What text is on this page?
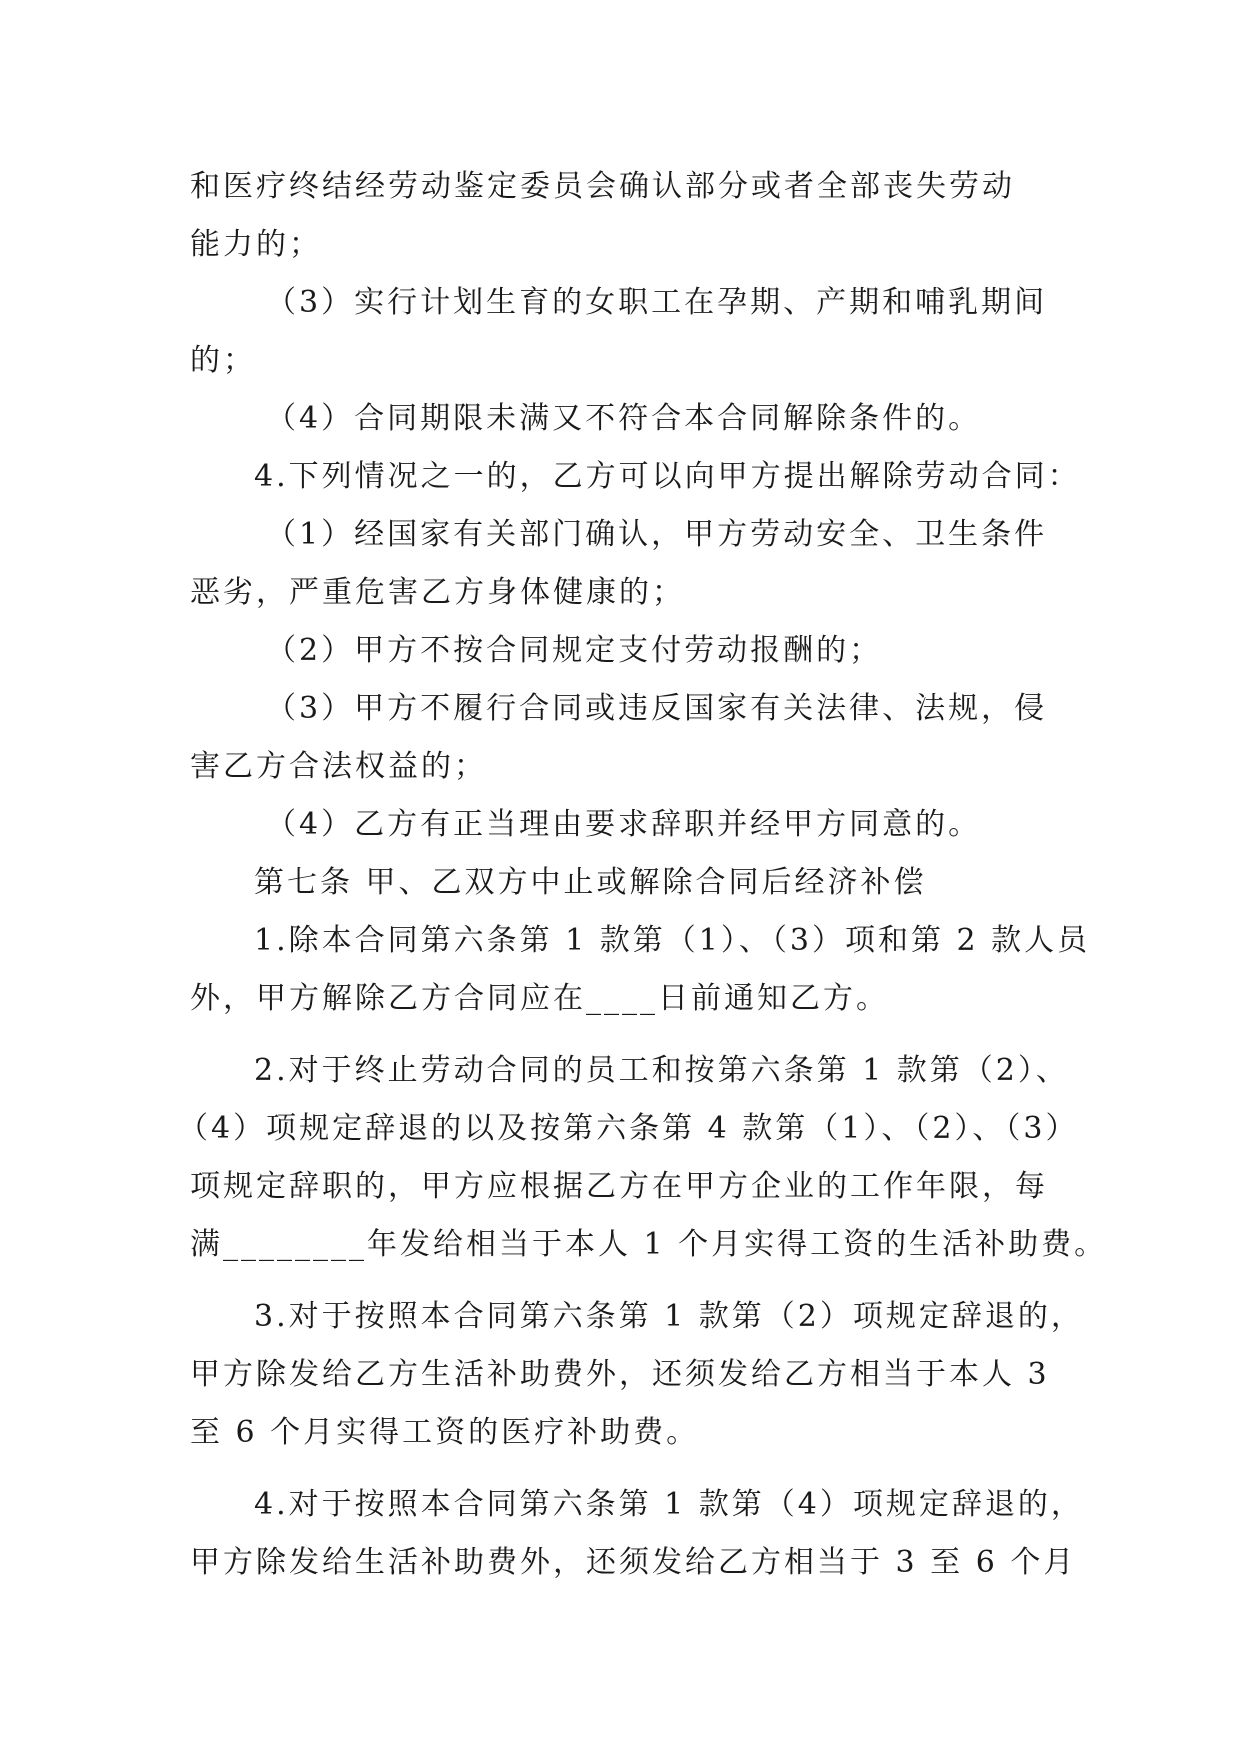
和医疗终结经劳动鉴定委员会确认部分或者全部丧失劳动
能力的；
（3）实行计划生育的女职工在孕期、产期和哺乳期间
的；
（4）合同期限未满又不符合本合同解除条件的。
4.下列情况之一的，乙方可以向甲方提出解除劳动合同：
（1）经国家有关部门确认，甲方劳动安全、卫生条件
恶劣，严重危害乙方身体健康的；
（2）甲方不按合同规定支付劳动报酬的；
（3）甲方不履行合同或违反国家有关法律、法规，侵
害乙方合法权益的；
（4）乙方有正当理由要求辞职并经甲方同意的。
第七条 甲、乙双方中止或解除合同后经济补偿
1.除本合同第六条第 1 款第（1）、（3）项和第 2 款人员
外，甲方解除乙方合同应在____日前通知乙方。
2.对于终止劳动合同的员工和按第六条第 1 款第（2）、
（4）项规定辞退的以及按第六条第 4 款第（1）、（2）、（3）
项规定辞职的，甲方应根据乙方在甲方企业的工作年限，每
满________年发给相当于本人 1 个月实得工资的生活补助费。
3.对于按照本合同第六条第 1 款第（2）项规定辞退的，
甲方除发给乙方生活补助费外，还须发给乙方相当于本人 3
至 6 个月实得工资的医疗补助费。
4.对于按照本合同第六条第 1 款第（4）项规定辞退的，
甲方除发给生活补助费外，还须发给乙方相当于 3 至 6 个月
